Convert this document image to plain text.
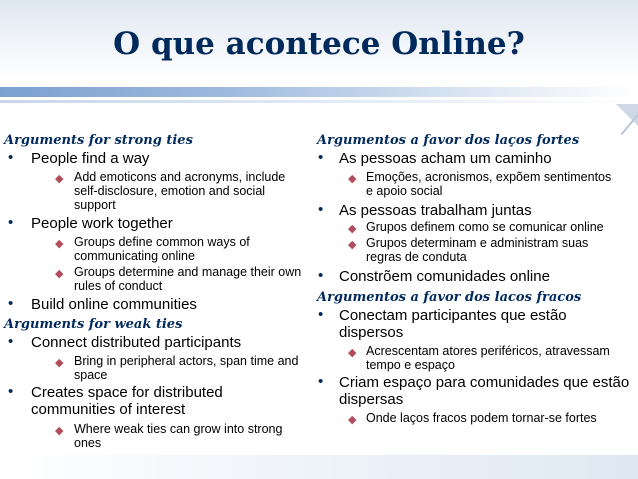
O que acontece Online?
Arguments for strong ties
• People find a way
◆ Add emoticons and acronyms, include
self-disclosure, emotion and social
support
• People work together
◆ Groups define common ways of
communicating online
◆ Groups determine and manage their own
rules of conduct
• Build online communities
Arguments for weak ties
• Connect distributed participants
◆ Bring in peripheral actors, span time and
space
• Creates space for distributed
communities of interest
◆ Where weak ties can grow into strong
ones
Argumentos a favor dos laços fortes
• As pessoas acham um caminho
◆ Emoções, acronismos, expõem sentimentos
e apoio social
• As pessoas trabalham juntas
◆ Grupos definem como se comunicar online
◆ Grupos determinam e administram suas
regras de conduta
• Constrõem comunidades online
Argumentos a favor dos lacos fracos
• Conectam participantes que estão
dispersos
◆ Acrescentam atores periféricos, atravessam
tempo e espaço
• Criam espaço para comunidades que estão
dispersas
◆ Onde laços fracos podem tornar-se fortes
